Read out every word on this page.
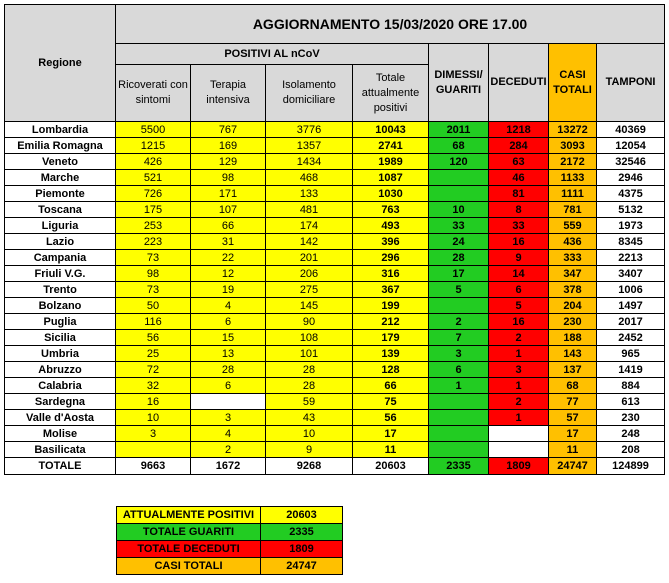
Regione	AGGIORNAMENTO 15/03/2020 ORE 17.00							
	POSITIVI AL nCoV				DIMESSI/ GUARITI	DECEDUTI	CASI TOTALI	TAMPONI
	Ricoverati con sintomi	Terapia intensiva	Isolamento domiciliare	Totale attualmente positivi				
Lombardia	5500	767	3776	10043	2011	1218	13272	40369
Emilia Romagna	1215	169	1357	2741	68	284	3093	12054
Veneto	426	129	1434	1989	120	63	2172	32546
Marche	521	98	468	1087		46	1133	2946
Piemonte	726	171	133	1030		81	1111	4375
Toscana	175	107	481	763	10	8	781	5132
Liguria	253	66	174	493	33	33	559	1973
Lazio	223	31	142	396	24	16	436	8345
Campania	73	22	201	296	28	9	333	2213
Friuli V.G.	98	12	206	316	17	14	347	3407
Trento	73	19	275	367	5	6	378	1006
Bolzano	50	4	145	199		5	204	1497
Puglia	116	6	90	212	2	16	230	2017
Sicilia	56	15	108	179	7	2	188	2452
Umbria	25	13	101	139	3	1	143	965
Abruzzo	72	28	28	128	6	3	137	1419
Calabria	32	6	28	66	1	1	68	884
Sardegna	16		59	75		2	77	613
Valle d'Aosta	10	3	43	56		1	57	230
Molise	3	4	10	17			17	248
Basilicata		2	9	11			11	208
TOTALE	9663	1672	9268	20603	2335	1809	24747	124899
ATTUALMENTE POSITIVI	20603
TOTALE GUARITI	2335
TOTALE DECEDUTI	1809
CASI TOTALI	24747
